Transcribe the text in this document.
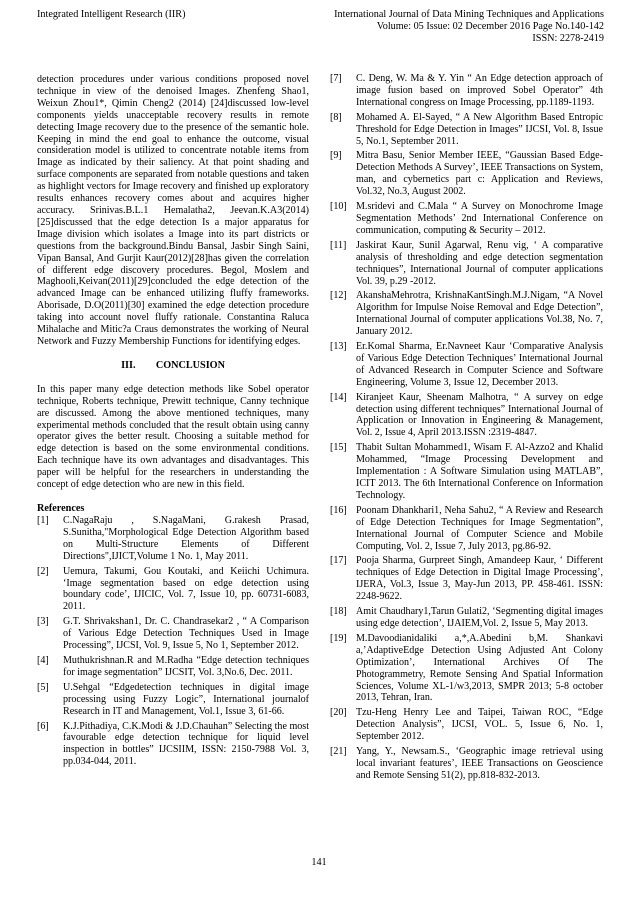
Integrated Intelligent Research (IIR)	International Journal of Data Mining Techniques and Applications
Volume: 05 Issue: 02 December 2016 Page No.140-142
ISSN: 2278-2419

detection procedures under various conditions proposed novel technique in view of the denoised Images. Zhenfeng Shao1, Weixun Zhou1*, Qimin Cheng2 (2014) [24]discussed low-level components yields unacceptable recovery results in remote detecting Image recovery due to the presence of the semantic hole. Keeping in mind the end goal to enhance the outcome, visual consideration model is utilized to concentrate notable items from Image as indicated by their saliency. At that point shading and surface components are separated from notable questions and taken as highlight vectors for Image recovery and finished up exploratory results enhances recovery comes about and acquires higher accuracy. Srinivas.B.L.1 Hemalatha2, Jeevan.K.A3(2014)[25]discussed that the edge detection Is a major apparatus for Image division which isolates a Image into its part districts or questions from the background.Bindu Bansal, Jasbir Singh Saini, Vipan Bansal, And Gurjit Kaur(2012)[28]has given the correlation of different edge discovery procedures. Begol, Moslem and Maghooli,Keivan(2011)[29]concluded the edge detection of the advanced Image can be enhanced utilizing fluffy frameworks. Aborisade, D.O(2011)[30] examined the edge detection procedure taking into account novel fluffy rationale. Constantina Raluca Mihalache and Mitic?a Craus demonstrates the working of Neural Network and Fuzzy Membership Functions for identifying edges.

III.  CONCLUSION

In this paper many edge detection methods like Sobel operator technique, Roberts technique, Prewitt technique, Canny technique are discussed. Among the above mentioned techniques, many experimental methods concluded that the result obtain using canny operator gives the better result. Choosing a suitable method for edge detection is based on the some environmental conditions. Each technique have its own advantages and disadvantages. This paper will be helpful for the researchers in understanding the concept of edge detection who are new in this field.

References

[1]	C.NagaRaju , S.NagaMani, G.rakesh Prasad, S.Sunitha,"Morphological Edge Detection Algorithm based on Multi-Structure Elements of Different Directions",IJICT,Volume 1 No. 1, May 2011.
[2]	Uemura, Takumi, Gou Koutaki, and Keiichi Uchimura. ‘Image segmentation based on edge detection using boundary code’, IJICIC, Vol. 7, Issue 10, pp. 60731-6083, 2011.
[3]	G.T. Shrivakshan1, Dr. C. Chandrasekar2 , “ A Comparison of Various Edge Detection Techniques Used in Image Processing”, IJCSI, Vol. 9, Issue 5, No 1, September 2012.
[4]	Muthukrishnan.R and M.Radha “Edge detection techniques for image segmentation” IJCSIT, Vol. 3,No.6, Dec. 2011.
[5]	U.Sehgal “Edgedetection techniques in digital image processing using Fuzzy Logic”, International journalof Research in IT and Management, Vol.1, Issue 3, 61-66.
[6]	K.J.Pithadiya, C.K.Modi & J.D.Chauhan” Selecting the most favourable edge detection technique for liquid level inspection in bottles” IJCSIIM, ISSN: 2150-7988 Vol. 3, pp.034-044, 2011.
[7]	C. Deng, W. Ma & Y. Yin “ An Edge detection approach of image fusion based on improved Sobel Operator” 4th International congress on Image Processing, pp.1189-1193.
[8]	Mohamed A. El-Sayed, “ A New Algorithm Based Entropic Threshold for Edge Detection in Images” IJCSI, Vol. 8, Issue 5, No.1, September 2011.
[9]	Mitra Basu, Senior Member IEEE, “Gaussian Based Edge-Detection Methods A Survey’, IEEE Transactions on System, man, and cybernetics part c: Application and Reviews, Vol.32, No.3, August 2002.
[10] M.sridevi and C.Mala “ A Survey on Monochrome Image Segmentation Methods’ 2nd International Conference on communication, computing & Security – 2012.
[11] Jaskirat Kaur, Sunil Agarwal, Renu vig, ‘ A comparative analysis of thresholding and edge detection segmentation techniques”, International Journal of computer applications Vol. 39, p.29 -2012.
[12] AkanshaMehrotra, KrishnaKantSingh.M.J.Nigam, “A Novel Algorithm for Impulse Noise Removal and Edge Detection”, International Journal of computer applications Vol.38, No. 7, January 2012.
[13] Er.Komal Sharma, Er.Navneet Kaur ‘Comparative Analysis of Various Edge Detection Techniques’ International Journal of Advanced Research in Computer Science and Software Engineering, Volume 3, Issue 12, December 2013.
[14] Kiranjeet Kaur, Sheenam Malhotra, “ A survey on edge detection using different techniques” International Journal of Application or Innovation in Engineering & Management, Vol. 2, Issue 4, April 2013.ISSN :2319-4847.
[15] Thabit Sultan Mohammed1, Wisam F. Al-Azzo2 and Khalid Mohammed, “Image Processing Development and Implementation : A Software Simulation using MATLAB”, ICIT 2013. The 6th International Conference on Information Technology.
[16] Poonam Dhankhari1, Neha Sahu2, “ A Review and Research of Edge Detection Techniques for Image Segmentation”, International Journal of Computer Science and Mobile Computing, Vol. 2, Issue 7, July 2013, pg.86-92.
[17] Pooja Sharma, Gurpreet Singh, Amandeep Kaur, ‘ Different techniques of Edge Detection in Digital Image Processing’, IJERA, Vol.3, Issue 3, May-Jun 2013, PP. 458-461. ISSN: 2248-9622.
[18] Amit Chaudhary1,Tarun Gulati2, ‘Segmenting digital images using edge detection’, IJAIEM,Vol. 2, Issue 5, May 2013.
[19] M.Davoodianidaliki a,*,A.Abedini b,M. Shankavi a,’AdaptiveEdge Detection Using Adjusted Ant Colony Optimization’, International Archives Of The Photogrammetry, Remote Sensing And Spatial Information Sciences, Volume XL-1/w3,2013, SMPR 2013; 5-8 october 2013, Tehran, Iran.
[20] Tzu-Heng Henry Lee and Taipei, Taiwan ROC, “Edge Detection Analysis”, IJCSI, VOL. 5, Issue 6, No. 1, September 2012.
[21] Yang, Y., Newsam.S., ‘Geographic image retrieval using local invariant features’, IEEE Transactions on Geoscience and Remote Sensing 51(2), pp.818-832-2013.
141
